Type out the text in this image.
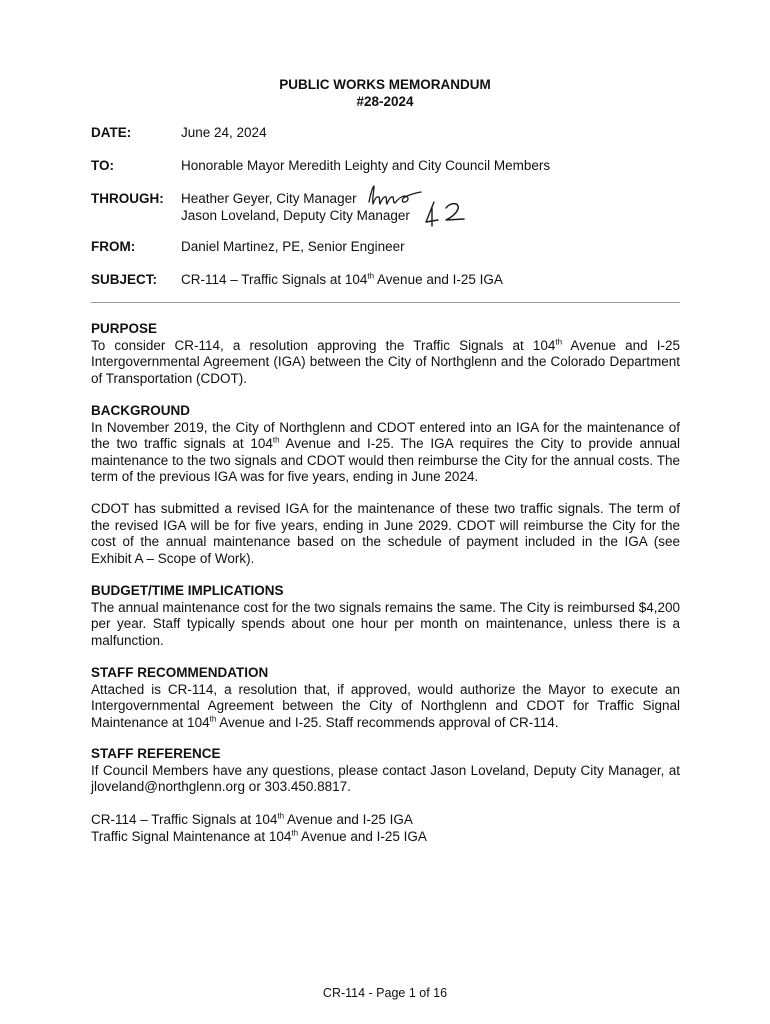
PUBLIC WORKS MEMORANDUM
#28-2024
DATE:	June 24, 2024
TO:	Honorable Mayor Meredith Leighty and City Council Members
THROUGH:	Heather Geyer, City Manager
Jason Loveland, Deputy City Manager
FROM:	Daniel Martinez, PE, Senior Engineer
SUBJECT:	CR-114 – Traffic Signals at 104th Avenue and I-25 IGA
PURPOSE
To consider CR-114, a resolution approving the Traffic Signals at 104th Avenue and I-25 Intergovernmental Agreement (IGA) between the City of Northglenn and the Colorado Department of Transportation (CDOT).
BACKGROUND
In November 2019, the City of Northglenn and CDOT entered into an IGA for the maintenance of the two traffic signals at 104th Avenue and I-25. The IGA requires the City to provide annual maintenance to the two signals and CDOT would then reimburse the City for the annual costs. The term of the previous IGA was for five years, ending in June 2024.
CDOT has submitted a revised IGA for the maintenance of these two traffic signals. The term of the revised IGA will be for five years, ending in June 2029. CDOT will reimburse the City for the cost of the annual maintenance based on the schedule of payment included in the IGA (see Exhibit A – Scope of Work).
BUDGET/TIME IMPLICATIONS
The annual maintenance cost for the two signals remains the same. The City is reimbursed $4,200 per year. Staff typically spends about one hour per month on maintenance, unless there is a malfunction.
STAFF RECOMMENDATION
Attached is CR-114, a resolution that, if approved, would authorize the Mayor to execute an Intergovernmental Agreement between the City of Northglenn and CDOT for Traffic Signal Maintenance at 104th Avenue and I-25. Staff recommends approval of CR-114.
STAFF REFERENCE
If Council Members have any questions, please contact Jason Loveland, Deputy City Manager, at jloveland@northglenn.org or 303.450.8817.
CR-114 – Traffic Signals at 104th Avenue and I-25 IGA
Traffic Signal Maintenance at 104th Avenue and I-25 IGA
CR-114 - Page 1 of 16
